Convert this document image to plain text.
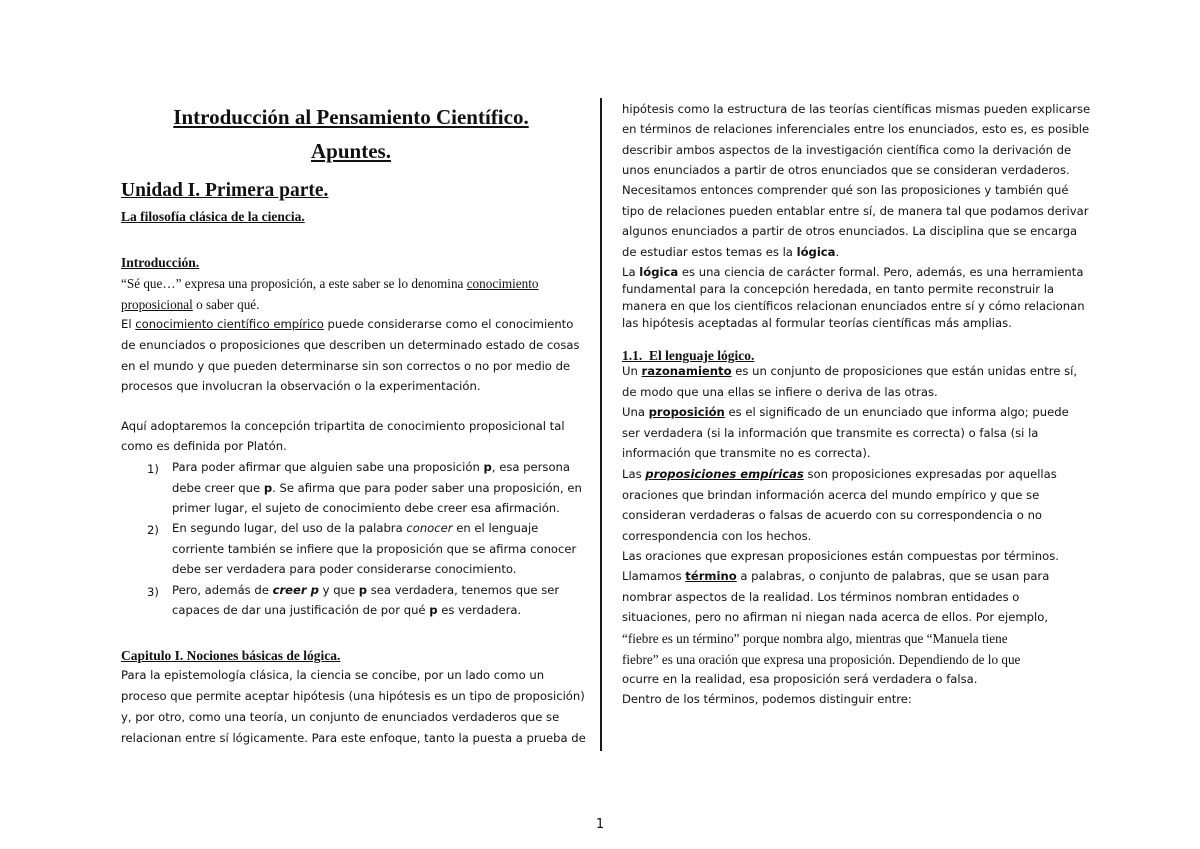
Introducción al Pensamiento Científico.
Apuntes.
Unidad I. Primera parte.
La filosofía clásica de la ciencia.
Introducción.
“Sé que…” expresa una proposición, a este saber se lo denomina conocimiento
proposicional o saber qué.
El conocimiento científico empírico puede considerarse como el conocimiento
de enunciados o proposiciones que describen un determinado estado de cosas
en el mundo y que pueden determinarse sin son correctos o no por medio de
procesos que involucran la observación o la experimentación.
Aquí adoptaremos la concepción tripartita de conocimiento proposicional tal
como es definida por Platón.
1) Para poder afirmar que alguien sabe una proposición p, esa persona
debe creer que p. Se afirma que para poder saber una proposición, en
primer lugar, el sujeto de conocimiento debe creer esa afirmación.
2) En segundo lugar, del uso de la palabra conocer en el lenguaje
corriente también se infiere que la proposición que se afirma conocer
debe ser verdadera para poder considerarse conocimiento.
3) Pero, además de creer p y que p sea verdadera, tenemos que ser
capaces de dar una justificación de por qué p es verdadera.
Capitulo I. Nociones básicas de lógica.
Para la epistemología clásica, la ciencia se concibe, por un lado como un
proceso que permite aceptar hipótesis (una hipótesis es un tipo de proposición)
y, por otro, como una teoría, un conjunto de enunciados verdaderos que se
relacionan entre sí lógicamente. Para este enfoque, tanto la puesta a prueba de
hipótesis como la estructura de las teorías científicas mismas pueden explicarse
en términos de relaciones inferenciales entre los enunciados, esto es, es posible
describir ambos aspectos de la investigación científica como la derivación de
unos enunciados a partir de otros enunciados que se consideran verdaderos.
Necesitamos entonces comprender qué son las proposiciones y también qué
tipo de relaciones pueden entablar entre sí, de manera tal que podamos derivar
algunos enunciados a partir de otros enunciados. La disciplina que se encarga
de estudiar estos temas es la lógica.
La lógica es una ciencia de carácter formal. Pero, además, es una herramienta
fundamental para la concepción heredada, en tanto permite reconstruir la
manera en que los científicos relacionan enunciados entre sí y cómo relacionan
las hipótesis aceptadas al formular teorías científicas más amplias.
1.1. El lenguaje lógico.
Un razonamiento es un conjunto de proposiciones que están unidas entre sí,
de modo que una ellas se infiere o deriva de las otras.
Una proposición es el significado de un enunciado que informa algo; puede
ser verdadera (si la información que transmite es correcta) o falsa (si la
información que transmite no es correcta).
Las proposiciones empíricas son proposiciones expresadas por aquellas
oraciones que brindan información acerca del mundo empírico y que se
consideran verdaderas o falsas de acuerdo con su correspondencia o no
correspondencia con los hechos.
Las oraciones que expresan proposiciones están compuestas por términos.
Llamamos término a palabras, o conjunto de palabras, que se usan para
nombrar aspectos de la realidad. Los términos nombran entidades o
situaciones, pero no afirman ni niegan nada acerca de ellos. Por ejemplo,
“fiebre es un término” porque nombra algo, mientras que “Manuela tiene
fiebre” es una oración que expresa una proposición. Dependiendo de lo que
ocurre en la realidad, esa proposición será verdadera o falsa.
Dentro de los términos, podemos distinguir entre:
1
